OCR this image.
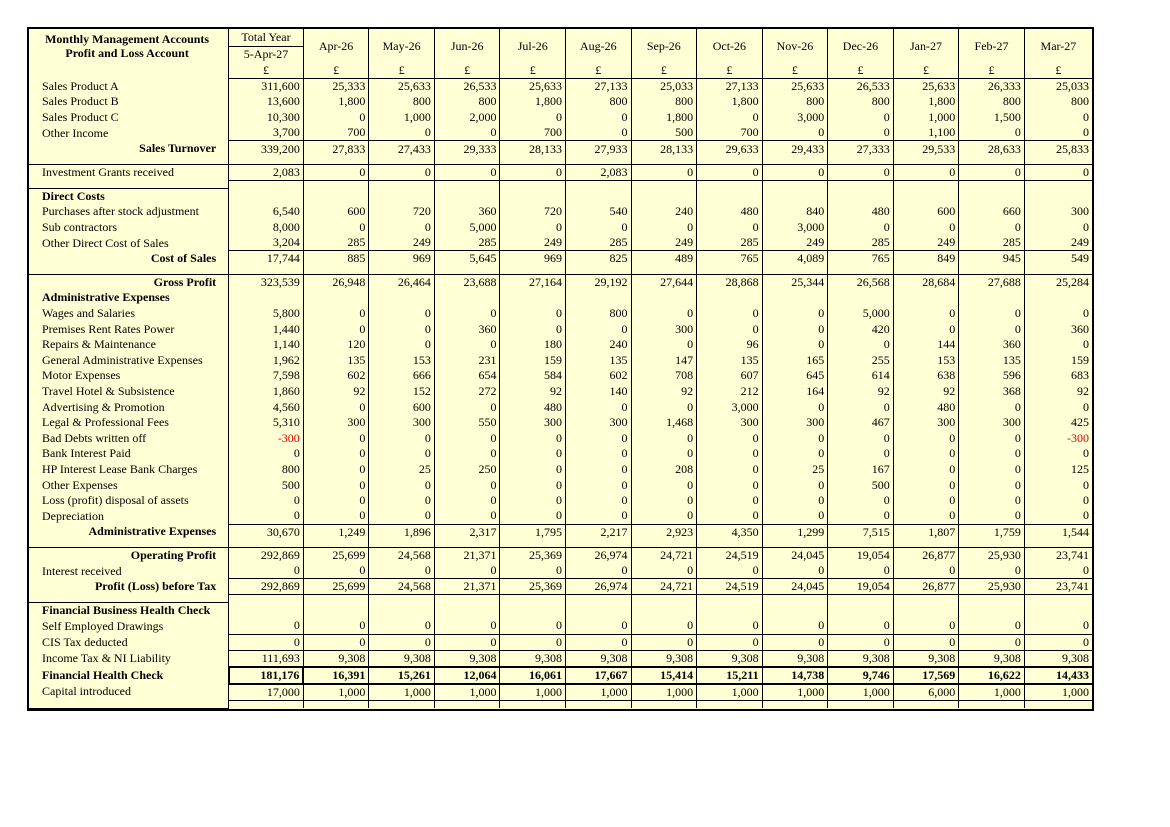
Monthly Management Accounts
Profit and Loss Account	Total Year	Apr-26	May-26	Jun-26	Jul-26	Aug-26	Sep-26	Oct-26	Nov-26	Dec-26	Jan-27	Feb-27	Mar-27
	5-Apr-27												
	£	£	£	£	£	£	£	£	£	£	£	£	£
Sales Product A	311,600	25,333	25,633	26,533	25,633	27,133	25,033	27,133	25,633	26,533	25,633	26,333	25,033
Sales Product B	13,600	1,800	800	800	1,800	800	800	1,800	800	800	1,800	800	800
Sales Product C	10,300	0	1,000	2,000	0	0	1,800	0	3,000	0	1,000	1,500	0
Other Income	3,700	700	0	0	700	0	500	700	0	0	1,100	0	0
Sales Turnover	339,200	27,833	27,433	29,333	28,133	27,933	28,133	29,633	29,433	27,333	29,533	28,633	25,833

Investment Grants received	2,083	0	0	0	0	2,083	0	0	0	0	0	0	0

Direct Costs													
Purchases after stock adjustment	6,540	600	720	360	720	540	240	480	840	480	600	660	300
Sub contractors	8,000	0	0	5,000	0	0	0	0	3,000	0	0	0	0
Other Direct Cost of Sales	3,204	285	249	285	249	285	249	285	249	285	249	285	249
Cost of Sales	17,744	885	969	5,645	969	825	489	765	4,089	765	849	945	549

Gross Profit	323,539	26,948	26,464	23,688	27,164	29,192	27,644	28,868	25,344	26,568	28,684	27,688	25,284
Administrative Expenses													
Wages and Salaries	5,800	0	0	0	0	800	0	0	0	5,000	0	0	0
Premises Rent Rates Power	1,440	0	0	360	0	0	300	0	0	420	0	0	360
Repairs & Maintenance	1,140	120	0	0	180	240	0	96	0	0	144	360	0
General Administrative Expenses	1,962	135	153	231	159	135	147	135	165	255	153	135	159
Motor Expenses	7,598	602	666	654	584	602	708	607	645	614	638	596	683
Travel Hotel & Subsistence	1,860	92	152	272	92	140	92	212	164	92	92	368	92
Advertising & Promotion	4,560	0	600	0	480	0	0	3,000	0	0	480	0	0
Legal & Professional Fees	5,310	300	300	550	300	300	1,468	300	300	467	300	300	425
Bad Debts written off	-300	0	0	0	0	0	0	0	0	0	0	0	-300
Bank Interest Paid	0	0	0	0	0	0	0	0	0	0	0	0	0
HP Interest Lease Bank Charges	800	0	25	250	0	0	208	0	25	167	0	0	125
Other Expenses	500	0	0	0	0	0	0	0	0	500	0	0	0
Loss (profit) disposal of assets	0	0	0	0	0	0	0	0	0	0	0	0	0
Depreciation	0	0	0	0	0	0	0	0	0	0	0	0	0
Administrative Expenses	30,670	1,249	1,896	2,317	1,795	2,217	2,923	4,350	1,299	7,515	1,807	1,759	1,544

Operating Profit	292,869	25,699	24,568	21,371	25,369	26,974	24,721	24,519	24,045	19,054	26,877	25,930	23,741
Interest received	0	0	0	0	0	0	0	0	0	0	0	0	0
Profit (Loss) before Tax	292,869	25,699	24,568	21,371	25,369	26,974	24,721	24,519	24,045	19,054	26,877	25,930	23,741

Financial Business Health Check													
Self Employed Drawings	0	0	0	0	0	0	0	0	0	0	0	0	0
CIS Tax deducted	0	0	0	0	0	0	0	0	0	0	0	0	0
Income Tax & NI Liability	111,693	9,308	9,308	9,308	9,308	9,308	9,308	9,308	9,308	9,308	9,308	9,308	9,308
Financial Health Check	181,176	16,391	15,261	12,064	16,061	17,667	15,414	15,211	14,738	9,746	17,569	16,622	14,433
Capital introduced	17,000	1,000	1,000	1,000	1,000	1,000	1,000	1,000	1,000	1,000	6,000	1,000	1,000
